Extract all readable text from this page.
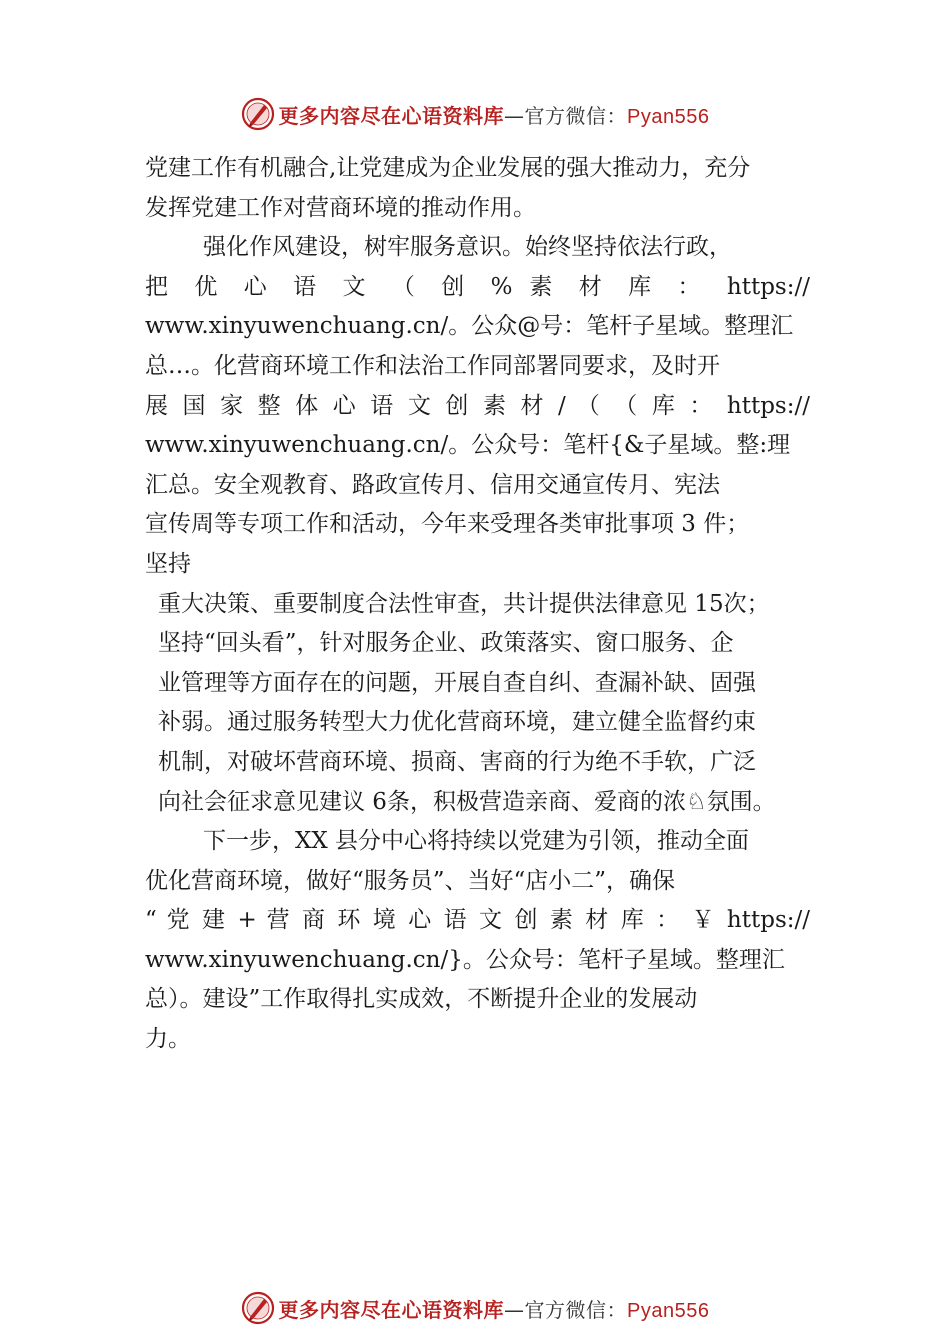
更多内容尽在心语资料库—官方微信：Pyan556
党建工作有机融合,让党建成为企业发展的强大推动力，充分
发挥党建工作对营商环境的推动作用。
强化作风建设，树牢服务意识。始终坚持依法行政，
把 优 心 语 文 （ 创 % 素 材 库 ： https://
www.xinyuwenchuang.cn/。公众@号：笔杆子星域。整理汇
总…。化营商环境工作和法治工作同部署同要求，及时开
展 国 家 整 体 心 语 文 创 素 材 / （ （ 库 ： https://
www.xinyuwenchuang.cn/。公众号：笔杆{&子星域。整:理
汇总。安全观教育、路政宣传月、信用交通宣传月、宪法
宣传周等专项工作和活动，今年来受理各类审批事项 3 件；
坚持
重大决策、重要制度合法性审查，共计提供法律意见 15次；
坚持“回头看”，针对服务企业、政策落实、窗口服务、企
业管理等方面存在的问题，开展自查自纠、查漏补缺、固强
补弱。通过服务转型大力优化营商环境，建立健全监督约束
机制，对破坏营商环境、损商、害商的行为绝不手软，广泛
向社会征求意见建议 6条，积极营造亲商、爱商的浓♘氛围。
下一步，XX 县分中心将持续以党建为引领，推动全面
优化营商环境，做好“服务员”、当好“店小二”，确保
“ 党 建 + 营 商 环 境 心 语 文 创 素 材 库 ： ￥ https://
www.xinyuwenchuang.cn/}。公众号：笔杆子星域。整理汇
总）。建设”工作取得扎实成效，不断提升企业的发展动
力。
更多内容尽在心语资料库—官方微信：Pyan556
